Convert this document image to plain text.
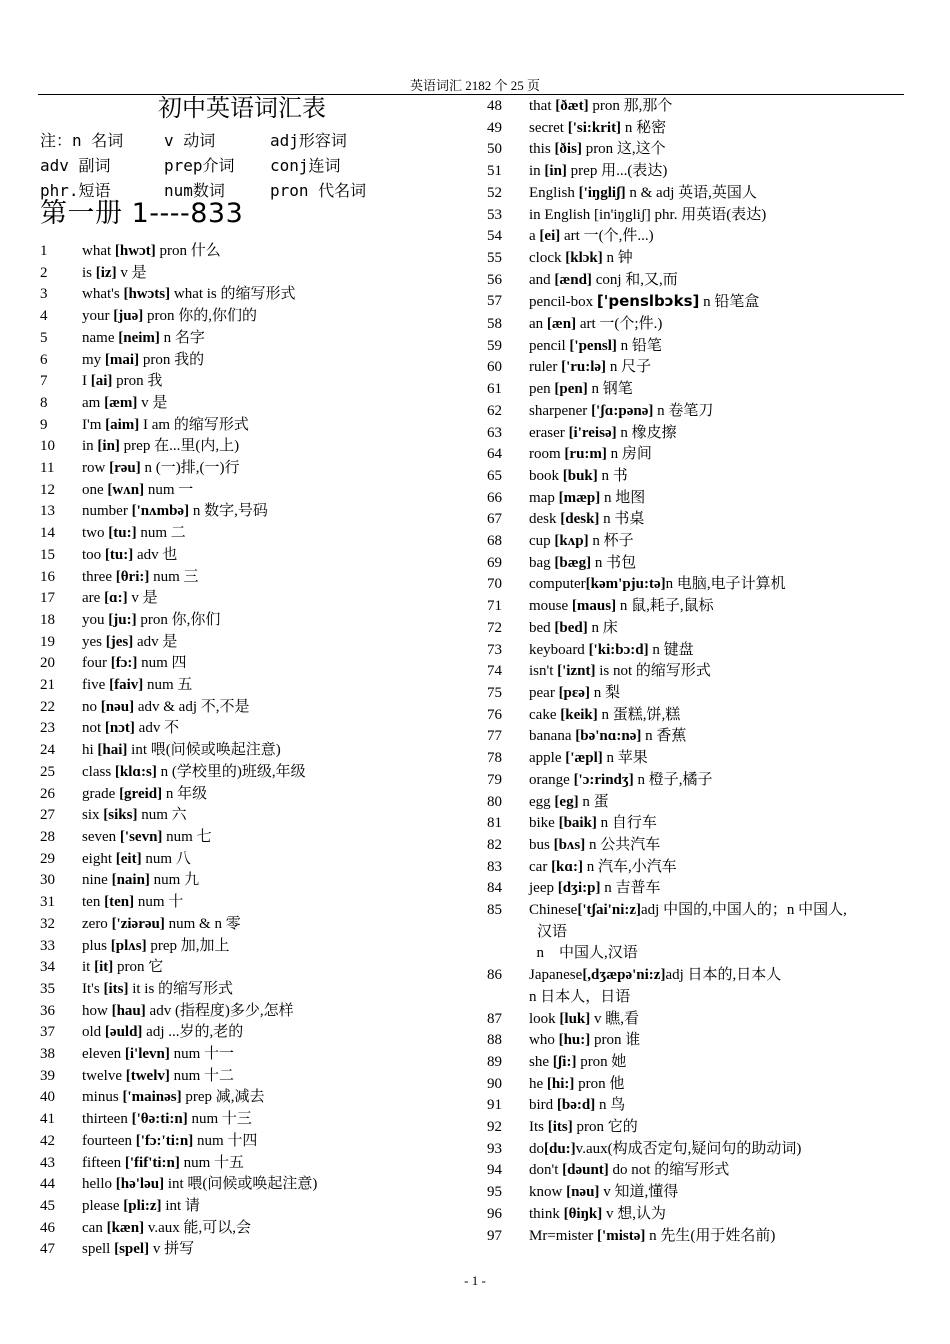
英语词汇 2182 个 25 页
初中英语词汇表
注：n 名词	v 动词	adj形容词
adv 副词	prep介词	conj连词
phr.短语	num数词	pron 代名词
第一册 1----833
1	what [hwɔt] pron 什么
2	is [iz] v 是
3	what's [hwɔts] what is 的缩写形式
4	your [juə] pron 你的,你们的
5	name [neim] n 名字
6	my [mai] pron 我的
7	I [ai] pron 我
8	am [æm] v 是
9	I'm [aim] I am 的缩写形式
10	in [in] prep 在...里(内,上)
11	row [rəu] n (一)排,(一)行
12	one [wʌn] num 一
13	number ['nʌmbə] n 数字,号码
14	two [tu:] num 二
15	too [tu:] adv 也
16	three [θri:] num 三
17	are [ɑ:] v 是
18	you [ju:] pron 你,你们
19	yes [jes] adv 是
20	four [fɔ:] num 四
21	five [faiv] num 五
22	no [nəu] adv & adj 不,不是
23	not [nɔt] adv 不
24	hi [hai] int 喂(问候或唤起注意)
25	class [klɑ:s] n (学校里的)班级,年级
26	grade [greid] n 年级
27	six [siks] num 六
28	seven ['sevn] num 七
29	eight [eit] num 八
30	nine [nain] num 九
31	ten [ten] num 十
32	zero ['ziərəu] num & n 零
33	plus [plʌs] prep 加,加上
34	it [it] pron 它
35	It's [its] it is 的缩写形式
36	how [hau] adv (指程度)多少,怎样
37	old [əuld] adj ...岁的,老的
38	eleven [i'levn] num 十一
39	twelve [twelv] num 十二
40	minus ['mainəs] prep 减,减去
41	thirteen ['θə:ti:n] num 十三
42	fourteen ['fɔ:'ti:n] num 十四
43	fifteen ['fif'ti:n] num 十五
44	hello [hə'ləu] int 喂(问候或唤起注意)
45	please [pli:z] int 请
46	can [kæn] v.aux 能,可以,会
47	spell [spel] v 拼写
48	that [ðæt] pron 那,那个
49	secret ['si:krit] n 秘密
50	this [ðis] pron 这,这个
51	in [in] prep 用...(表达)
52	English ['iŋgliʃ] n & adj 英语,英国人
53	in English [in'iŋgliʃ] phr. 用英语(表达)
54	a [ei] art 一(个,件...)
55	clock [klɔk] n 钟
56	and [ænd] conj 和,又,而
57	pencil-box ['penslbɔks] n 铅笔盒
58	an [æn] art 一(个;件.)
59	pencil ['pensl] n 铅笔
60	ruler ['ru:lə] n 尺子
61	pen [pen] n 钢笔
62	sharpener ['ʃɑ:pənə] n 卷笔刀
63	eraser [i'reisə] n 橡皮擦
64	room [ru:m] n 房间
65	book [buk] n 书
66	map [mæp] n 地图
67	desk [desk] n 书桌
68	cup [kʌp] n 杯子
69	bag [bæg] n 书包
70	computer[kəm'pju:tə]n 电脑,电子计算机
71	mouse [maus] n 鼠,耗子,鼠标
72	bed [bed] n 床
73	keyboard ['ki:bɔ:d] n 键盘
74	isn't ['iznt] is not 的缩写形式
75	pear [pɛə] n 梨
76	cake [keik] n 蛋糕,饼,糕
77	banana [bə'nɑ:nə] n 香蕉
78	apple ['æpl] n 苹果
79	orange ['ɔ:rindʒ] n 橙子,橘子
80	egg [eg] n 蛋
81	bike [baik] n 自行车
82	bus [bʌs] n 公共汽车
83	car [kɑ:] n 汽车,小汽车
84	jeep [dʒi:p] n 吉普车
85	Chinese['tʃai'ni:z]adj 中国的,中国人的；n 中国人,
汉语
n    中国人,汉语
86	Japanese[,dʒæpə'ni:z]adj 日本的,日本人
n 日本人，日语
87	look [luk] v 瞧,看
88	who [hu:] pron 谁
89	she [ʃi:] pron 她
90	he [hi:] pron 他
91	bird [bə:d] n 鸟
92	Its [its] pron 它的
93	do[du:]v.aux(构成否定句,疑问句的助动词)
94	don't [dəunt] do not 的缩写形式
95	know [nəu] v 知道,懂得
96	think [θiŋk] v 想,认为
97	Mr=mister ['mistə] n 先生(用于姓名前)
- 1 -
